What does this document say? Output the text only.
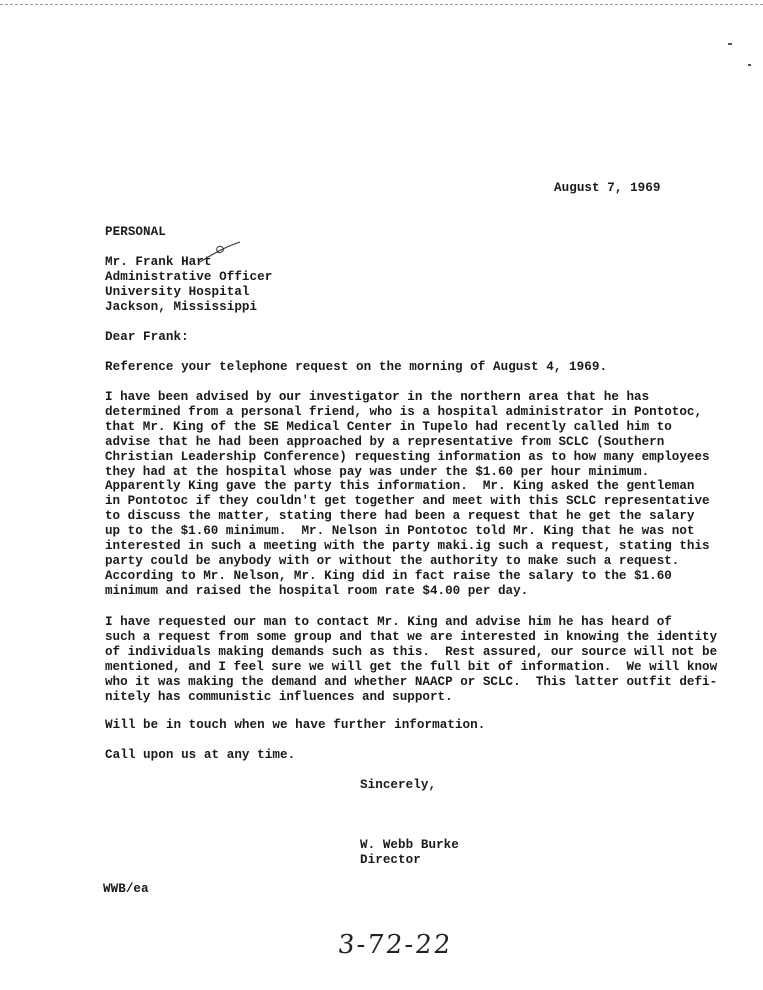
August 7, 1969
PERSONAL
Mr. Frank Hart
Administrative Officer
University Hospital
Jackson, Mississippi
Dear Frank:
Reference your telephone request on the morning of August 4, 1969.
I have been advised by our investigator in the northern area that he has
determined from a personal friend, who is a hospital administrator in Pontotoc,
that Mr. King of the SE Medical Center in Tupelo had recently called him to
advise that he had been approached by a representative from SCLC (Southern
Christian Leadership Conference) requesting information as to how many employees
they had at the hospital whose pay was under the $1.60 per hour minimum.
Apparently King gave the party this information.  Mr. King asked the gentleman
in Pontotoc if they couldn't get together and meet with this SCLC representative
to discuss the matter, stating there had been a request that he get the salary
up to the $1.60 minimum.  Mr. Nelson in Pontotoc told Mr. King that he was not
interested in such a meeting with the party maki.ig such a request, stating this
party could be anybody with or without the authority to make such a request.
According to Mr. Nelson, Mr. King did in fact raise the salary to the $1.60
minimum and raised the hospital room rate $4.00 per day.
I have requested our man to contact Mr. King and advise him he has heard of
such a request from some group and that we are interested in knowing the identity
of individuals making demands such as this.  Rest assured, our source will not be
mentioned, and I feel sure we will get the full bit of information.  We will know
who it was making the demand and whether NAACP or SCLC.  This latter outfit defi-
nitely has communistic influences and support.
Will be in touch when we have further information.
Call upon us at any time.
Sincerely,
W. Webb Burke
Director
WWB/ea
3-72-22
